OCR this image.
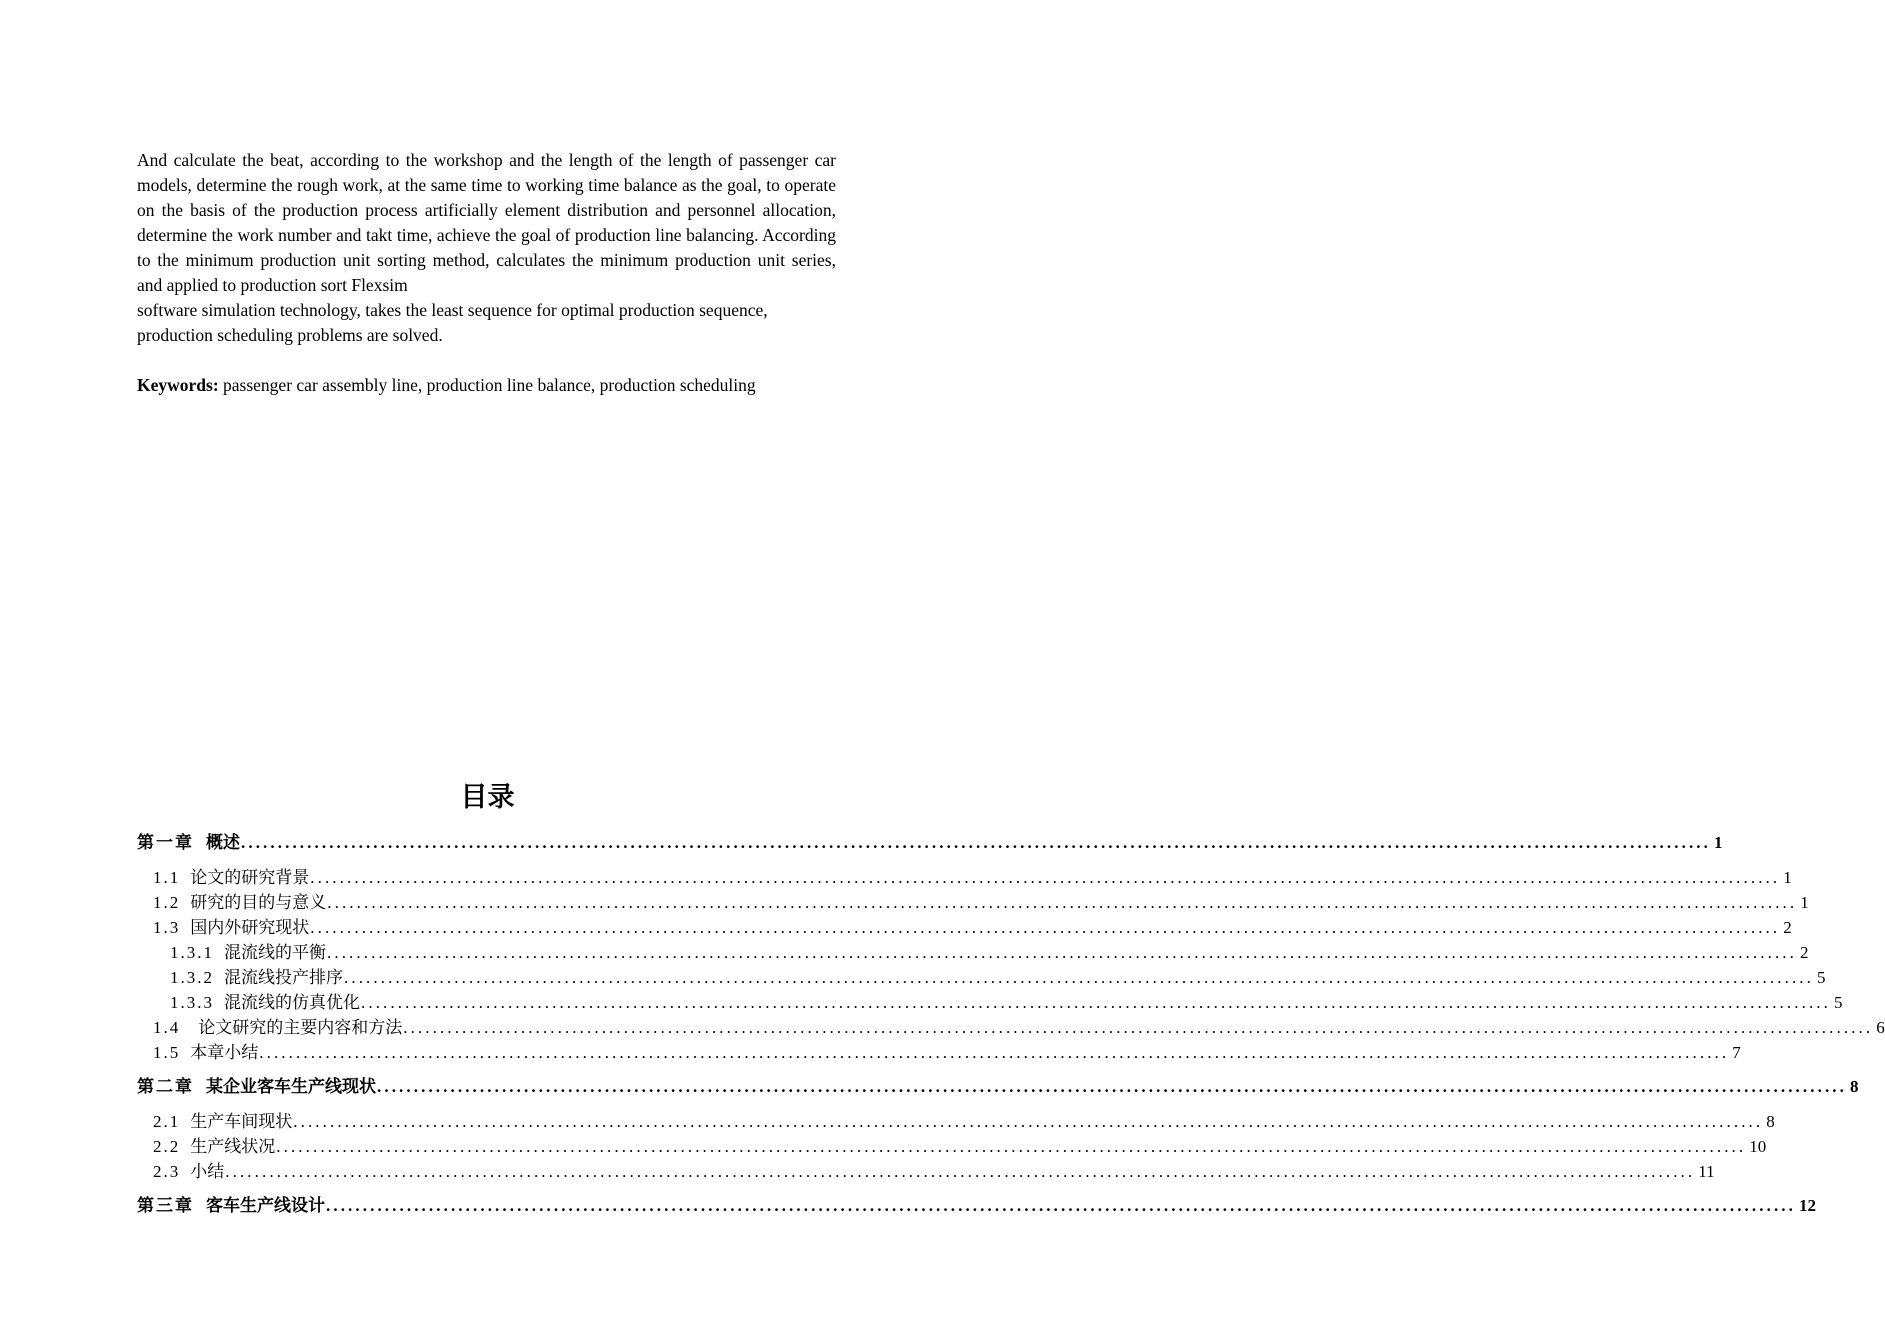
And calculate the beat, according to the workshop and the length of the length of passenger car models, determine the rough work, at the same time to working time balance as the goal, to operate on the basis of the production process artificially element distribution and personnel allocation, determine the work number and takt time, achieve the goal of production line balancing. According to the minimum production unit sorting method, calculates the minimum production unit series, and applied to production sort Flexsim
software simulation technology, takes the least sequence for optimal production sequence,
production scheduling problems are solved.

Keywords: passenger car assembly line, production line balance, production scheduling

目录
第一章 概述 ........................................................................................................................................................................................................ 1
1.1 论文的研究背景 ........................................................................................................................................................................................................ 1
1.2 研究的目的与意义 ........................................................................................................................................................................................................ 1
1.3 国内外研究现状 ........................................................................................................................................................................................................ 2
1.3.1 混流线的平衡 ........................................................................................................................................................................................................ 2
1.3.2 混流线投产排序 ........................................................................................................................................................................................................ 5
1.3.3 混流线的仿真优化 ........................................................................................................................................................................................................ 5
1.4 论文研究的主要内容和方法 ........................................................................................................................................................................................................ 6
1.5 本章小结 ........................................................................................................................................................................................................ 7
第二章 某企业客车生产线现状 ........................................................................................................................................................................................................ 8
2.1 生产车间现状 ........................................................................................................................................................................................................ 8
2.2 生产线状况 ........................................................................................................................................................................................................ 10
2.3 小结 ........................................................................................................................................................................................................ 11
第三章 客车生产线设计 ........................................................................................................................................................................................................ 12
